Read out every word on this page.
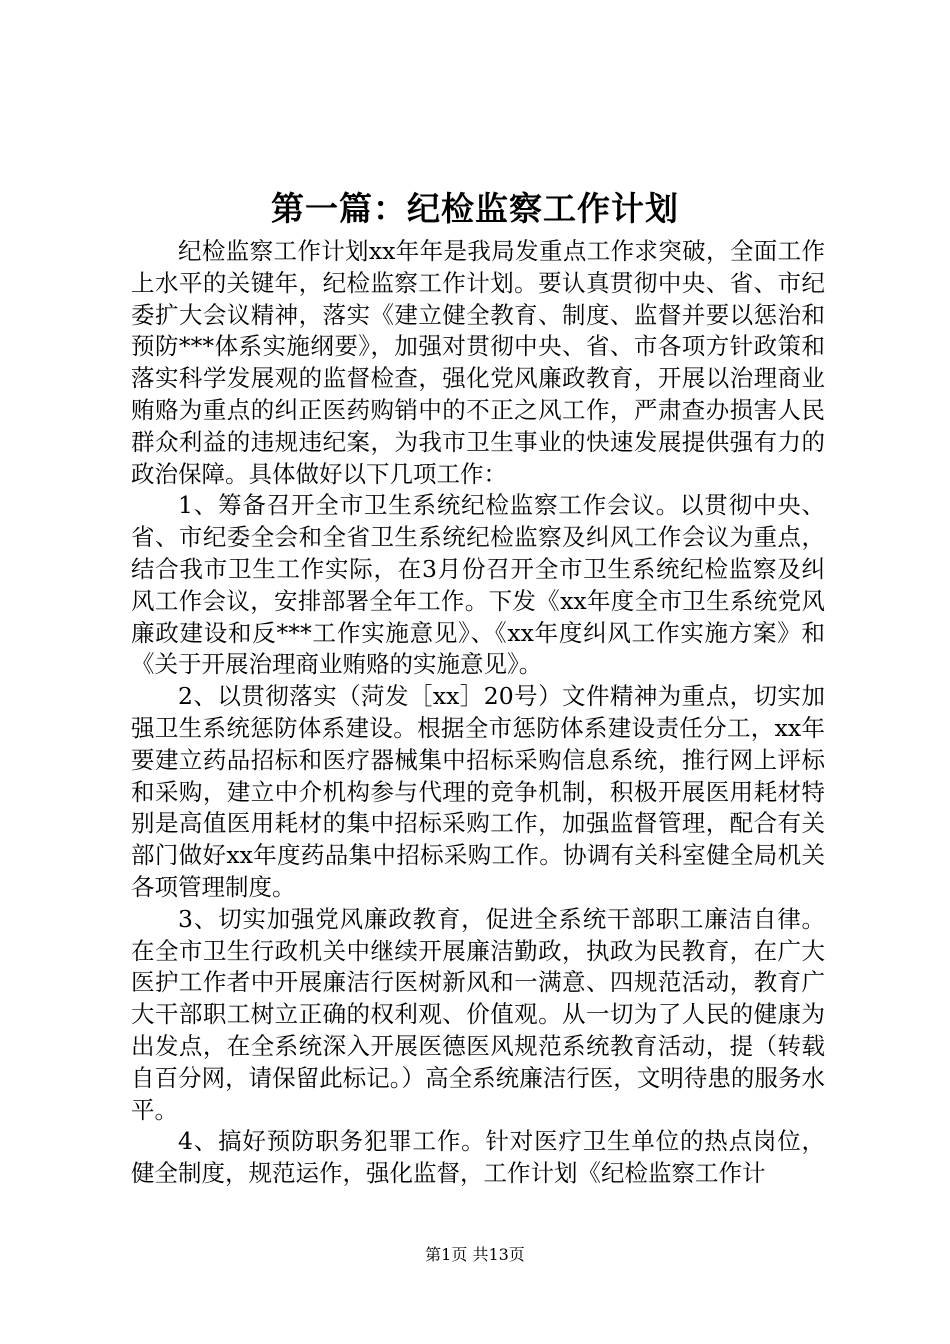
第一篇：纪检监察工作计划

纪检监察工作计划xx年年是我局发重点工作求突破，全面工作上水平的关键年，纪检监察工作计划。要认真贯彻中央、省、市纪委扩大会议精神，落实《建立健全教育、制度、监督并要以惩治和预防***体系实施纲要》，加强对贯彻中央、省、市各项方针政策和落实科学发展观的监督检查，强化党风廉政教育，开展以治理商业贿赂为重点的纠正医药购销中的不正之风工作，严肃查办损害人民群众利益的违规违纪案，为我市卫生事业的快速发展提供强有力的政治保障。具体做好以下几项工作：

1、筹备召开全市卫生系统纪检监察工作会议。以贯彻中央、省、市纪委全会和全省卫生系统纪检监察及纠风工作会议为重点，结合我市卫生工作实际，在3月份召开全市卫生系统纪检监察及纠风工作会议，安排部署全年工作。下发《xx年度全市卫生系统党风廉政建设和反***工作实施意见》、《xx年度纠风工作实施方案》和《关于开展治理商业贿赂的实施意见》。

2、以贯彻落实（菏发［xx］20号）文件精神为重点，切实加强卫生系统惩防体系建设。根据全市惩防体系建设责任分工，xx年要建立药品招标和医疗器械集中招标采购信息系统，推行网上评标和采购，建立中介机构参与代理的竞争机制，积极开展医用耗材特别是高值医用耗材的集中招标采购工作，加强监督管理，配合有关部门做好xx年度药品集中招标采购工作。协调有关科室健全局机关各项管理制度。

3、切实加强党风廉政教育，促进全系统干部职工廉洁自律。在全市卫生行政机关中继续开展廉洁勤政，执政为民教育，在广大医护工作者中开展廉洁行医树新风和一满意、四规范活动，教育广大干部职工树立正确的权利观、价值观。从一切为了人民的健康为出发点，在全系统深入开展医德医风规范系统教育活动，提（转载自百分网，请保留此标记。）高全系统廉洁行医，文明待患的服务水平。

4、搞好预防职务犯罪工作。针对医疗卫生单位的热点岗位，健全制度，规范运作，强化监督，工作计划《纪检监察工作计

第1页 共13页
